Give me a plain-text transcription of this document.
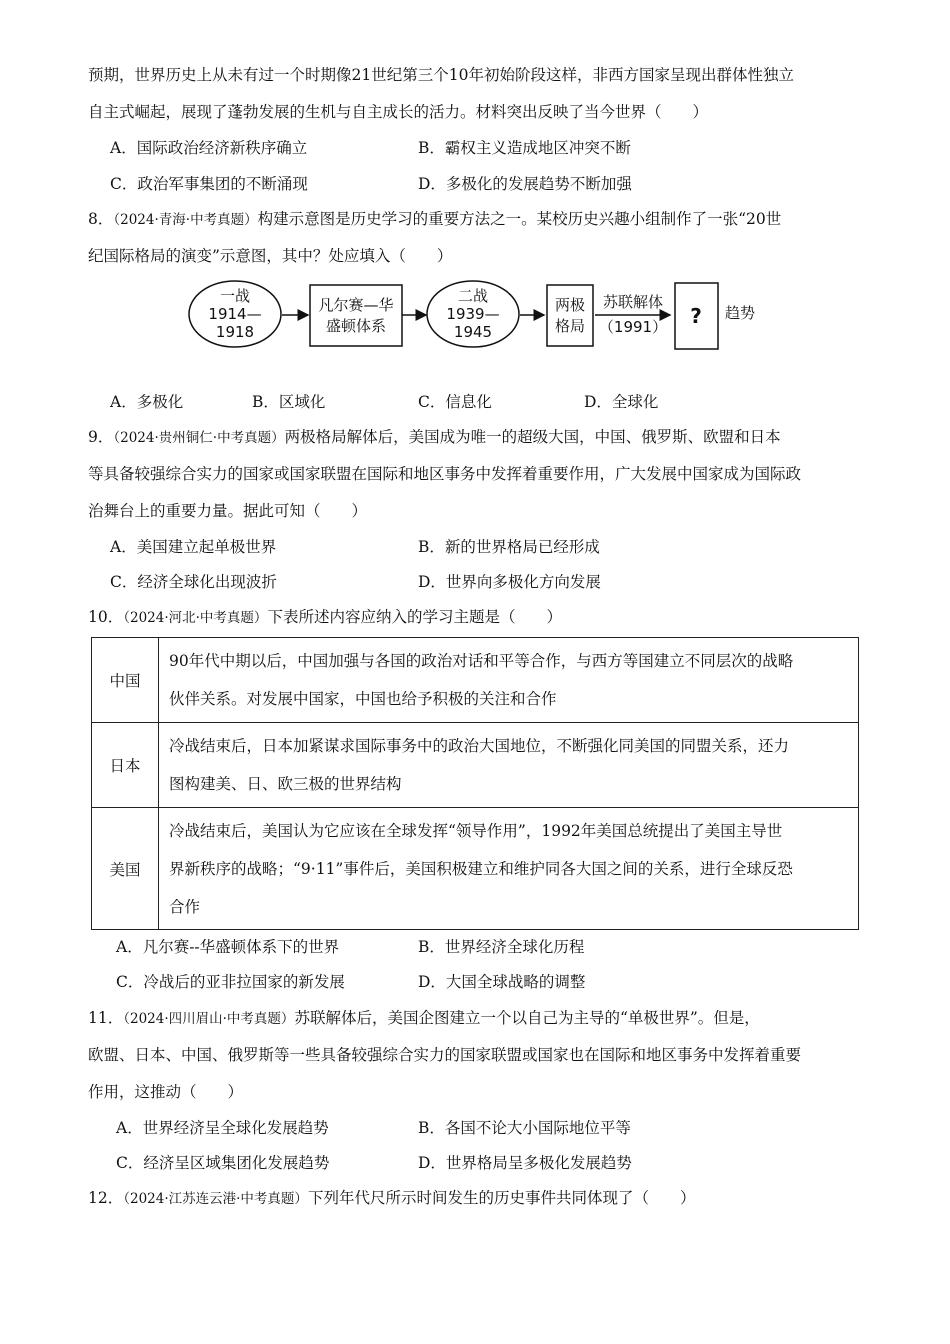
预期，世界历史上从未有过一个时期像21世纪第三个10年初始阶段这样，非西方国家呈现出群体性独立
自主式崛起，展现了蓬勃发展的生机与自主成长的活力。材料突出反映了当今世界（　　）
A．国际政治经济新秩序确立	B．霸权主义造成地区冲突不断
C．政治军事集团的不断涌现	D．多极化的发展趋势不断加强
8．（2024·青海·中考真题）构建示意图是历史学习的重要方法之一。某校历史兴趣小组制作了一张“20世
纪国际格局的演变”示意图，其中？处应填入（　　）
一战
1914—
1918
凡尔赛—华
盛顿体系
二战
1939—
1945
两极
格局
苏联解体
（1991） ? 趋势
A．多极化	B．区域化	C．信息化	D．全球化
9．（2024·贵州铜仁·中考真题）两极格局解体后，美国成为唯一的超级大国，中国、俄罗斯、欧盟和日本
等具备较强综合实力的国家或国家联盟在国际和地区事务中发挥着重要作用，广大发展中国家成为国际政
治舞台上的重要力量。据此可知（　　）
A．美国建立起单极世界	B．新的世界格局已经形成
C．经济全球化出现波折	D．世界向多极化方向发展
10．（2024·河北·中考真题）下表所述内容应纳入的学习主题是（　　）
中国	90年代中期以后，中国加强与各国的政治对话和平等合作，与西方等国建立不同层次的战略
伙伴关系。对发展中国家，中国也给予积极的关注和合作

日本	冷战结束后，日本加紧谋求国际事务中的政治大国地位，不断强化同美国的同盟关系，还力
图构建美、日、欧三极的世界结构

美国	冷战结束后，美国认为它应该在全球发挥“领导作用”，1992年美国总统提出了美国主导世
界新秩序的战略；“9·11”事件后，美国积极建立和维护同各大国之间的关系，进行全球反恐
合作
A．凡尔赛--华盛顿体系下的世界	B．世界经济全球化历程
C．冷战后的亚非拉国家的新发展	D．大国全球战略的调整
11．（2024·四川眉山·中考真题）苏联解体后，美国企图建立一个以自己为主导的“单极世界”。但是，
欧盟、日本、中国、俄罗斯等一些具备较强综合实力的国家联盟或国家也在国际和地区事务中发挥着重要
作用，这推动（　　）
A．世界经济呈全球化发展趋势	B．各国不论大小国际地位平等
C．经济呈区域集团化发展趋势	D．世界格局呈多极化发展趋势
12．（2024·江苏连云港·中考真题）下列年代尺所示时间发生的历史事件共同体现了（　　）
